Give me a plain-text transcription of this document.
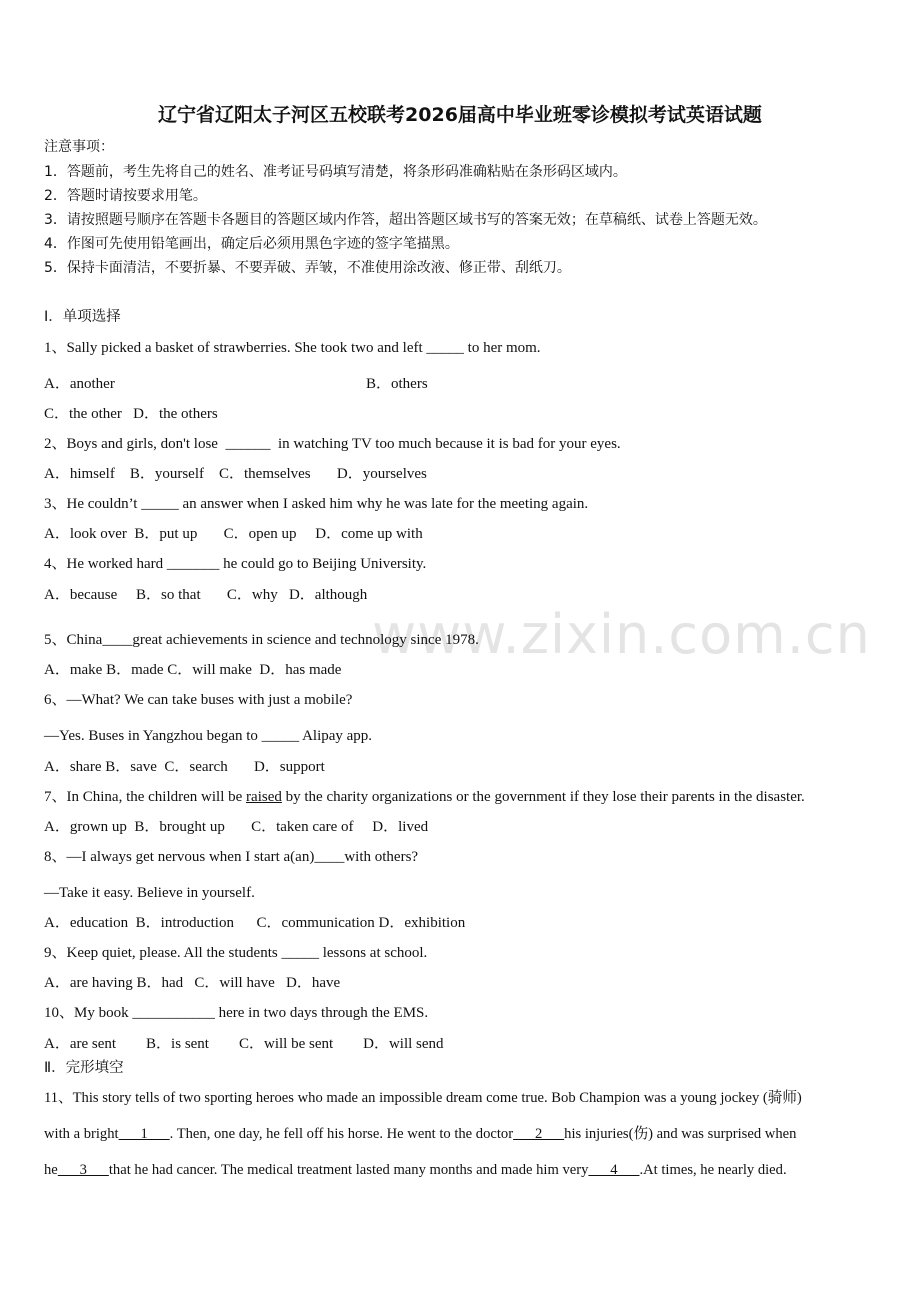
辽宁省辽阳太子河区五校联考2026届高中毕业班零诊模拟考试英语试题
注意事项：
1．答题前，考生先将自己的姓名、准考证号码填写清楚，将条形码准确粘贴在条形码区域内。
2．答题时请按要求用笔。
3．请按照题号顺序在答题卡各题目的答题区域内作答，超出答题区域书写的答案无效；在草稿纸、试卷上答题无效。
4．作图可先使用铅笔画出，确定后必须用黑色字迹的签字笔描黑。
5．保持卡面清洁，不要折暴、不要弄破、弄皱，不准使用涂改液、修正带、刮纸刀。
Ⅰ．单项选择
1、Sally picked a basket of strawberries. She took two and left _____ to her mom.
A．another	B．others
C．the other   D．the others
2、Boys and girls, don't lose  ______  in watching TV too much because it is bad for your eyes.
A．himself    B．yourself    C．themselves       D．yourselves
3、He couldn’t _____ an answer when I asked him why he was late for the meeting again.
A．look over  B．put up       C．open up     D．come up with
4、He worked hard _______ he could go to Beijing University.
A．because     B．so that       C．why   D．although
www.zixin.com.cn
5、China____great achievements in science and technology since 1978.
A．make B．made C．will make  D．has made
6、—What? We can take buses with just a mobile?
—Yes. Buses in Yangzhou began to _____ Alipay app.
A．share B．save  C．search       D．support
7、In China, the children will be raised by the charity organizations or the government if they lose their parents in the disaster.
A．grown up  B．brought up       C．taken care of     D．lived
8、—I always get nervous when I start a(an)____with others?
—Take it easy. Believe in yourself.
A．education  B．introduction      C．communication D．exhibition
9、Keep quiet, please. All the students _____ lessons at school.
A．are having B．had   C．will have   D．have
10、My book ___________ here in two days through the EMS.
A．are sent        B．is sent        C．will be sent        D．will send
Ⅱ．完形填空
11、This story tells of two sporting heroes who made an impossible dream come true. Bob Champion was a young jockey (骑师)
with a bright      1      . Then, one day, he fell off his horse. He went to the doctor      2      his injuries(伤) and was surprised when
he      3      that he had cancer. The medical treatment lasted many months and made him very      4      .At times, he nearly died.
